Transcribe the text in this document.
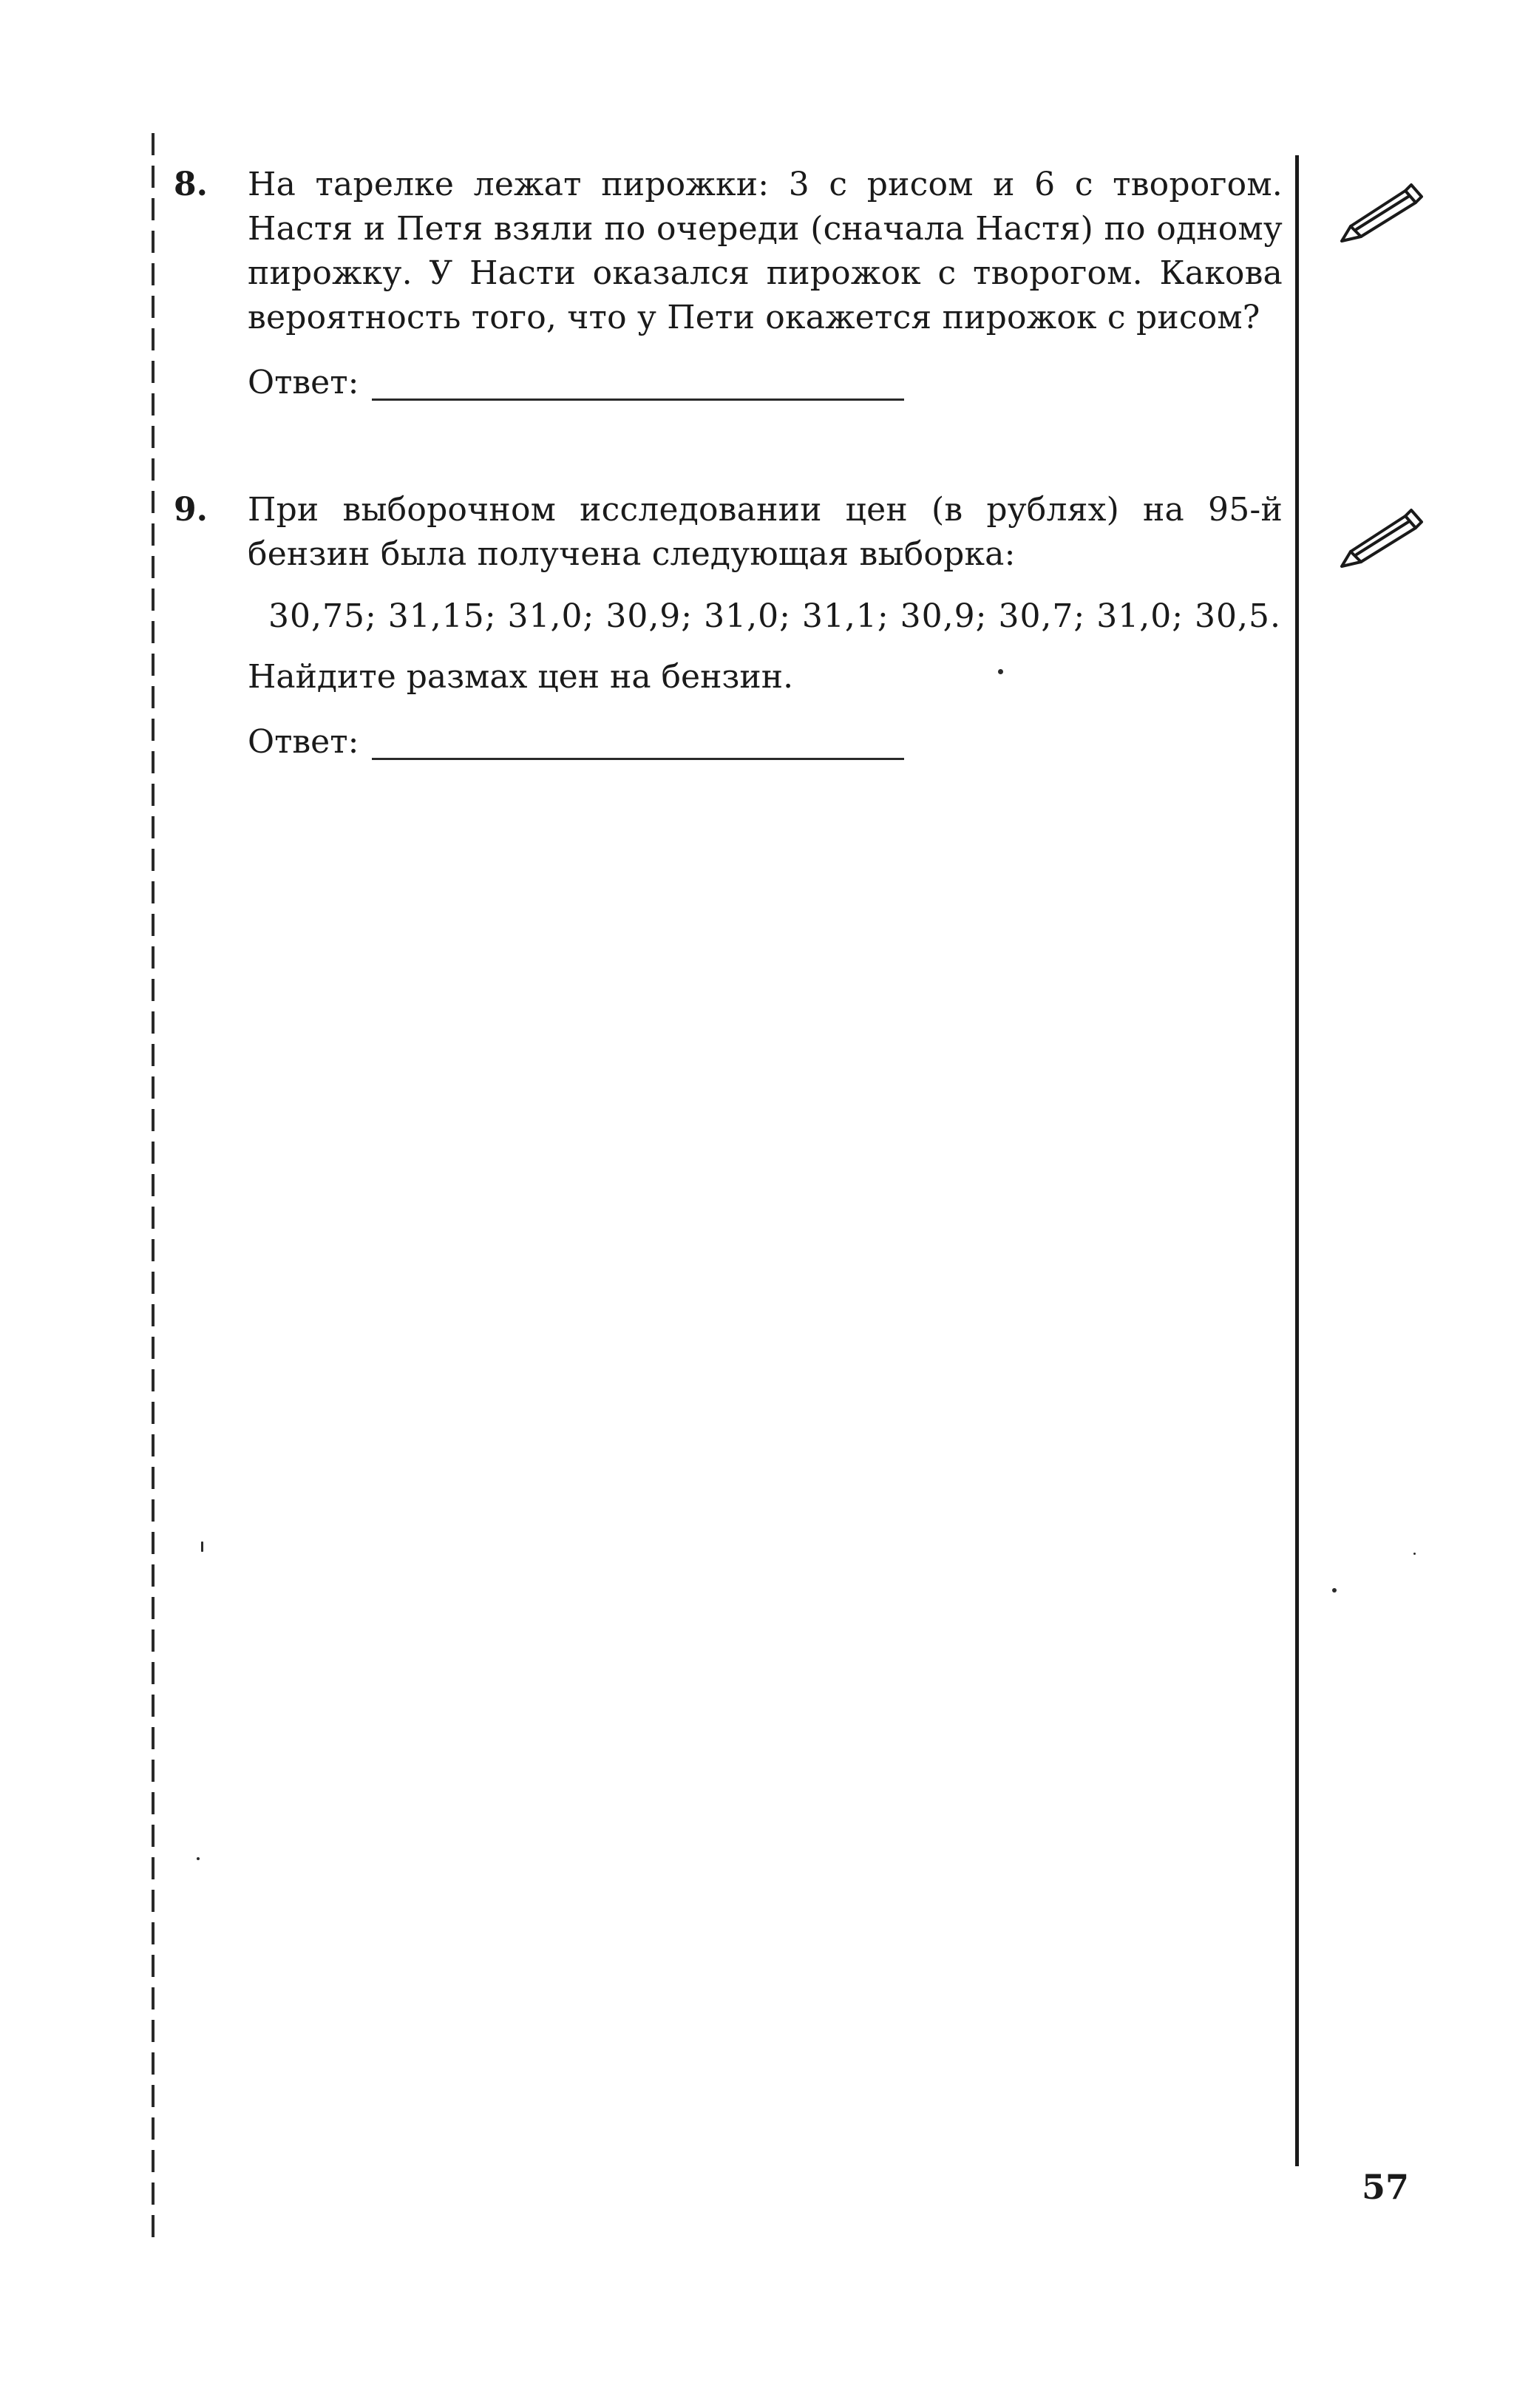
8. На тарелке лежат пирожки: 3 с рисом и 6 с творогом. Настя и Петя взяли по очереди (сначала Настя) по одному пирожку. У Насти оказался пирожок с творогом. Какова вероятность того, что у Пети окажется пирожок с рисом?

Ответ:
9. При выборочном исследовании цен (в рублях) на 95-й бензин была получена следующая выборка:

30,75; 31,15; 31,0; 30,9; 31,0; 31,1; 30,9; 30,7; 31,0; 30,5.

Найдите размах цен на бензин.

Ответ:
57
